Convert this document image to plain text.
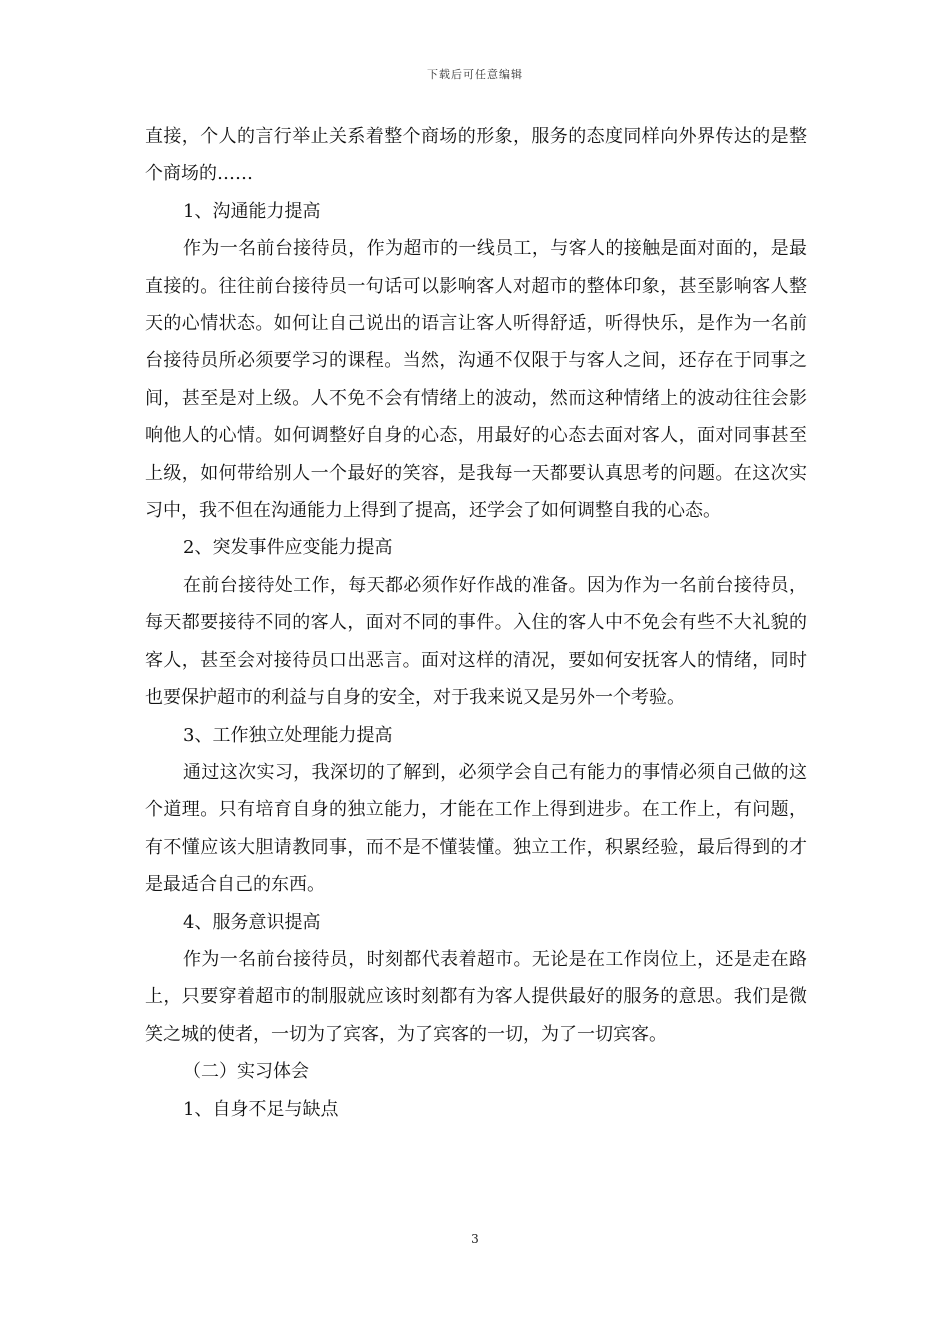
下载后可任意编辑

直接，个人的言行举止关系着整个商场的形象，服务的态度同样向外界传达的是整个商场的……

1、沟通能力提高

作为一名前台接待员，作为超市的一线员工，与客人的接触是面对面的，是最直接的。往往前台接待员一句话可以影响客人对超市的整体印象，甚至影响客人整天的心情状态。如何让自己说出的语言让客人听得舒适，听得快乐，是作为一名前台接待员所必须要学习的课程。当然，沟通不仅限于与客人之间，还存在于同事之间，甚至是对上级。人不免不会有情绪上的波动，然而这种情绪上的波动往往会影响他人的心情。如何调整好自身的心态，用最好的心态去面对客人，面对同事甚至上级，如何带给别人一个最好的笑容，是我每一天都要认真思考的问题。在这次实习中，我不但在沟通能力上得到了提高，还学会了如何调整自我的心态。

2、突发事件应变能力提高

在前台接待处工作，每天都必须作好作战的准备。因为作为一名前台接待员，每天都要接待不同的客人，面对不同的事件。入住的客人中不免会有些不大礼貌的客人，甚至会对接待员口出恶言。面对这样的清况，要如何安抚客人的情绪，同时也要保护超市的利益与自身的安全，对于我来说又是另外一个考验。

3、工作独立处理能力提高

通过这次实习，我深切的了解到，必须学会自己有能力的事情必须自己做的这个道理。只有培育自身的独立能力，才能在工作上得到进步。在工作上，有问题，有不懂应该大胆请教同事，而不是不懂装懂。独立工作，积累经验，最后得到的才是最适合自己的东西。

4、服务意识提高

作为一名前台接待员，时刻都代表着超市。无论是在工作岗位上，还是走在路上，只要穿着超市的制服就应该时刻都有为客人提供最好的服务的意思。我们是微笑之城的使者，一切为了宾客，为了宾客的一切，为了一切宾客。

（二）实习体会

1、自身不足与缺点

3
